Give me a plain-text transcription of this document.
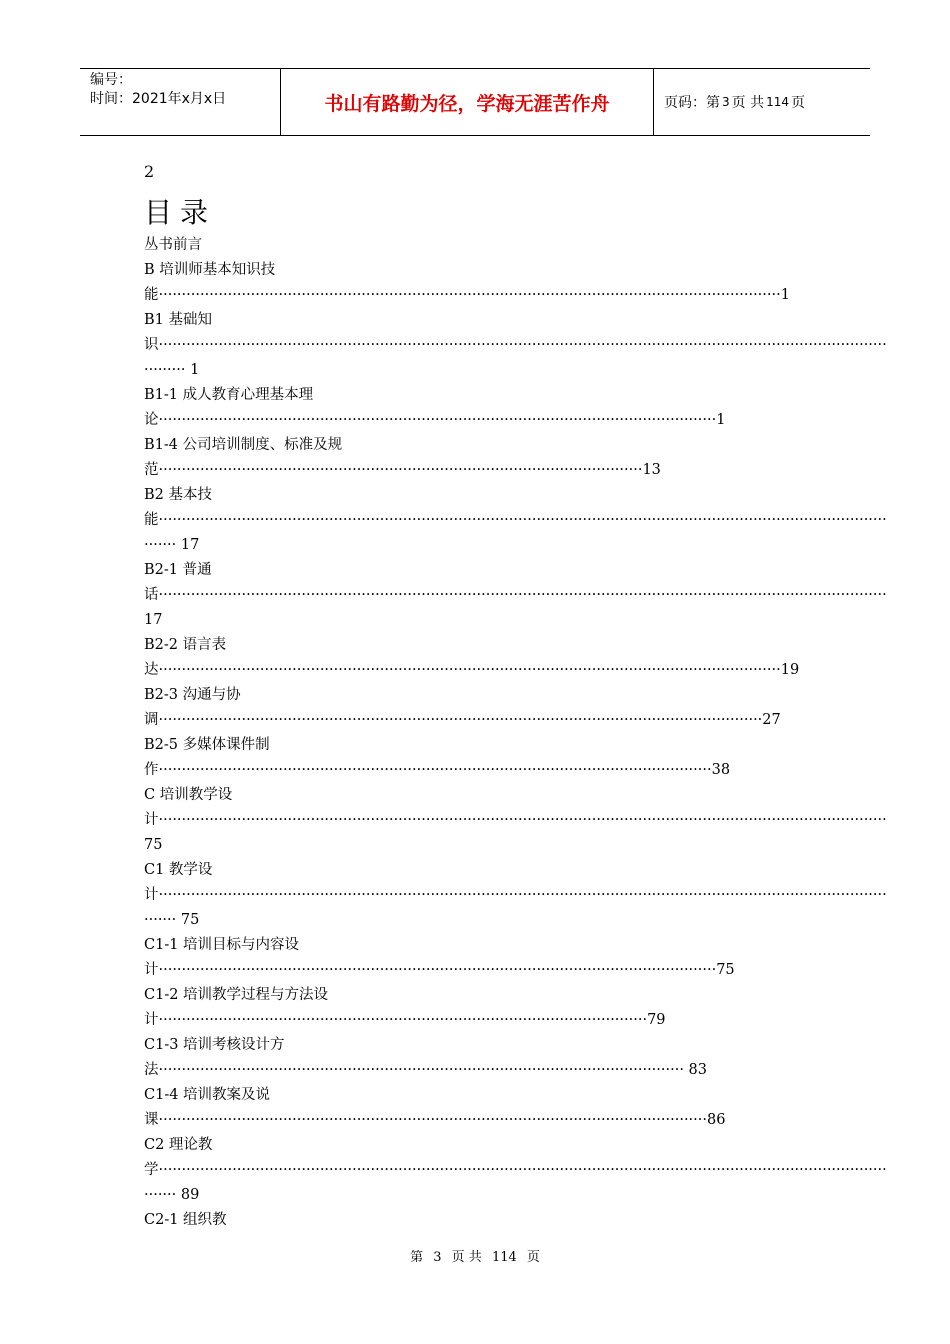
编号：
时间：2021年x月x日	书山有路勤为径，学海无涯苦作舟	页码：第 3 页 共 114 页
2
目录
丛书前言
B 培训师基本知识技
能·······································································································································1
B1 基础知
识······························································································································································
········· 1
B1-1 成人教育心理基本理
论·························································································································1
B1-4 公司培训制度、标准及规
范·········································································································13
B2 基本技
能······························································································································································
······· 17
B2-1 普通
话······························································································································································
17
B2-2 语言表
达·······································································································································19
B2-3 沟通与协
调···································································································································27
B2-5 多媒体课件制
作························································································································38
C 培训教学设
计······························································································································································
75
C1 教学设
计······························································································································································
······· 75
C1-1 培训目标与内容设
计·························································································································75
C1-2 培训教学过程与方法设
计··········································································································79
C1-3 培训考核设计方
法·················································································································· 83
C1-4 培训教案及说
课·······················································································································86
C2 理论教
学······························································································································································
······· 89
C2-1 组织教
第 3 页 共 114 页
